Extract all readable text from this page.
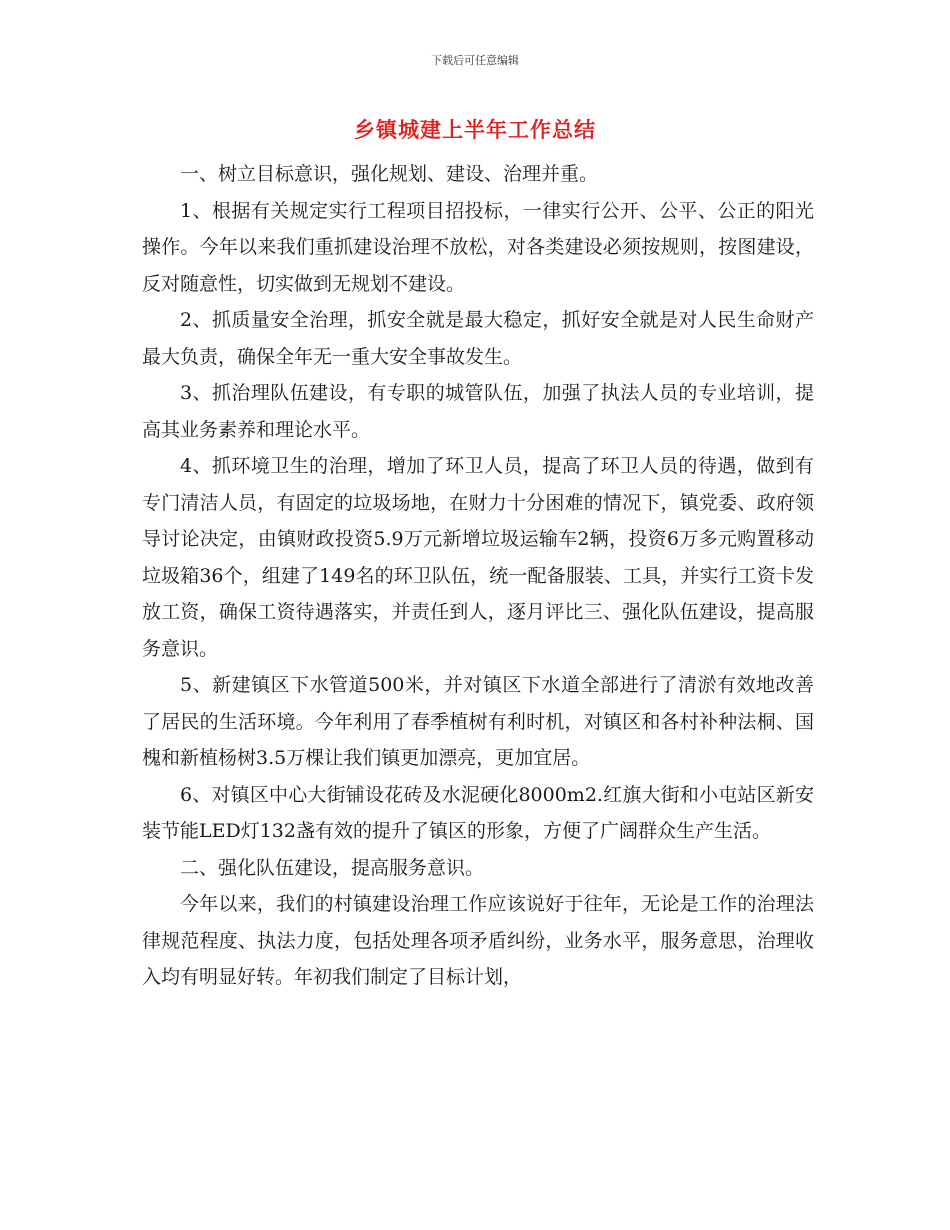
下载后可任意编辑
乡镇城建上半年工作总结

一、树立目标意识，强化规划、建设、治理并重。

1、根据有关规定实行工程项目招投标，一律实行公开、公平、公正的阳光操作。今年以来我们重抓建设治理不放松，对各类建设必须按规则，按图建设，反对随意性，切实做到无规划不建设。

2、抓质量安全治理，抓安全就是最大稳定，抓好安全就是对人民生命财产最大负责，确保全年无一重大安全事故发生。

3、抓治理队伍建设，有专职的城管队伍，加强了执法人员的专业培训，提高其业务素养和理论水平。

4、抓环境卫生的治理，增加了环卫人员，提高了环卫人员的待遇，做到有专门清洁人员，有固定的垃圾场地，在财力十分困难的情况下，镇党委、政府领导讨论决定，由镇财政投资5.9万元新增垃圾运输车2辆，投资6万多元购置移动垃圾箱36个，组建了149名的环卫队伍，统一配备服装、工具，并实行工资卡发放工资，确保工资待遇落实，并责任到人，逐月评比三、强化队伍建设，提高服务意识。

5、新建镇区下水管道500米，并对镇区下水道全部进行了清淤有效地改善了居民的生活环境。今年利用了春季植树有利时机，对镇区和各村补种法桐、国槐和新植杨树3.5万棵让我们镇更加漂亮，更加宜居。

6、对镇区中心大街铺设花砖及水泥硬化8000m2.红旗大街和小屯站区新安装节能LED灯132盏有效的提升了镇区的形象，方便了广阔群众生产生活。

二、强化队伍建设，提高服务意识。

今年以来，我们的村镇建设治理工作应该说好于往年，无论是工作的治理法律规范程度、执法力度，包括处理各项矛盾纠纷，业务水平，服务意思，治理收入均有明显好转。年初我们制定了目标计划，
